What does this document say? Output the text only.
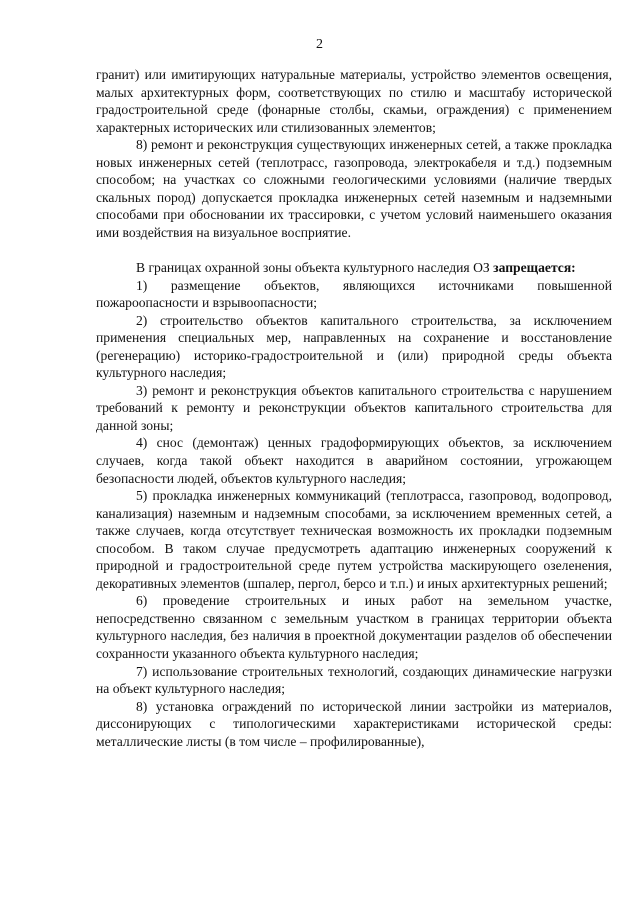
2

гранит) или имитирующих натуральные материалы, устройство элементов освещения, малых архитектурных форм, соответствующих по стилю и масштабу исторической градостроительной среде (фонарные столбы, скамьи, ограждения) с применением характерных исторических или стилизованных элементов;

8) ремонт и реконструкция существующих инженерных сетей, а также прокладка новых инженерных сетей (теплотрасс, газопровода, электрокабеля и т.д.) подземным способом; на участках со сложными геологическими условиями (наличие твердых скальных пород) допускается прокладка инженерных сетей наземным и надземными способами при обосновании их трассировки, с учетом условий наименьшего оказания ими воздействия на визуальное восприятие.

В границах охранной зоны объекта культурного наследия ОЗ запрещается:

1) размещение объектов, являющихся источниками повышенной пожароопасности и взрывоопасности;

2) строительство объектов капитального строительства, за исключением применения специальных мер, направленных на сохранение и восстановление (регенерацию) историко-градостроительной и (или) природной среды объекта культурного наследия;

3) ремонт и реконструкция объектов капитального строительства с нарушением требований к ремонту и реконструкции объектов капитального строительства для данной зоны;

4) снос (демонтаж) ценных градоформирующих объектов, за исключением случаев, когда такой объект находится в аварийном состоянии, угрожающем безопасности людей, объектов культурного наследия;

5) прокладка инженерных коммуникаций (теплотрасса, газопровод, водопровод, канализация) наземным и надземным способами, за исключением временных сетей, а также случаев, когда отсутствует техническая возможность их прокладки подземным способом. В таком случае предусмотреть адаптацию инженерных сооружений к природной и градостроительной среде путем устройства маскирующего озеленения, декоративных элементов (шпалер, пергол, берсо и т.п.) и иных архитектурных решений;

6) проведение строительных и иных работ на земельном участке, непосредственно связанном с земельным участком в границах территории объекта культурного наследия, без наличия в проектной документации разделов об обеспечении сохранности указанного объекта культурного наследия;

7) использование строительных технологий, создающих динамические нагрузки на объект культурного наследия;

8) установка ограждений по исторической линии застройки из материалов, диссонирующих с типологическими характеристиками исторической среды: металлические листы (в том числе – профилированные),
